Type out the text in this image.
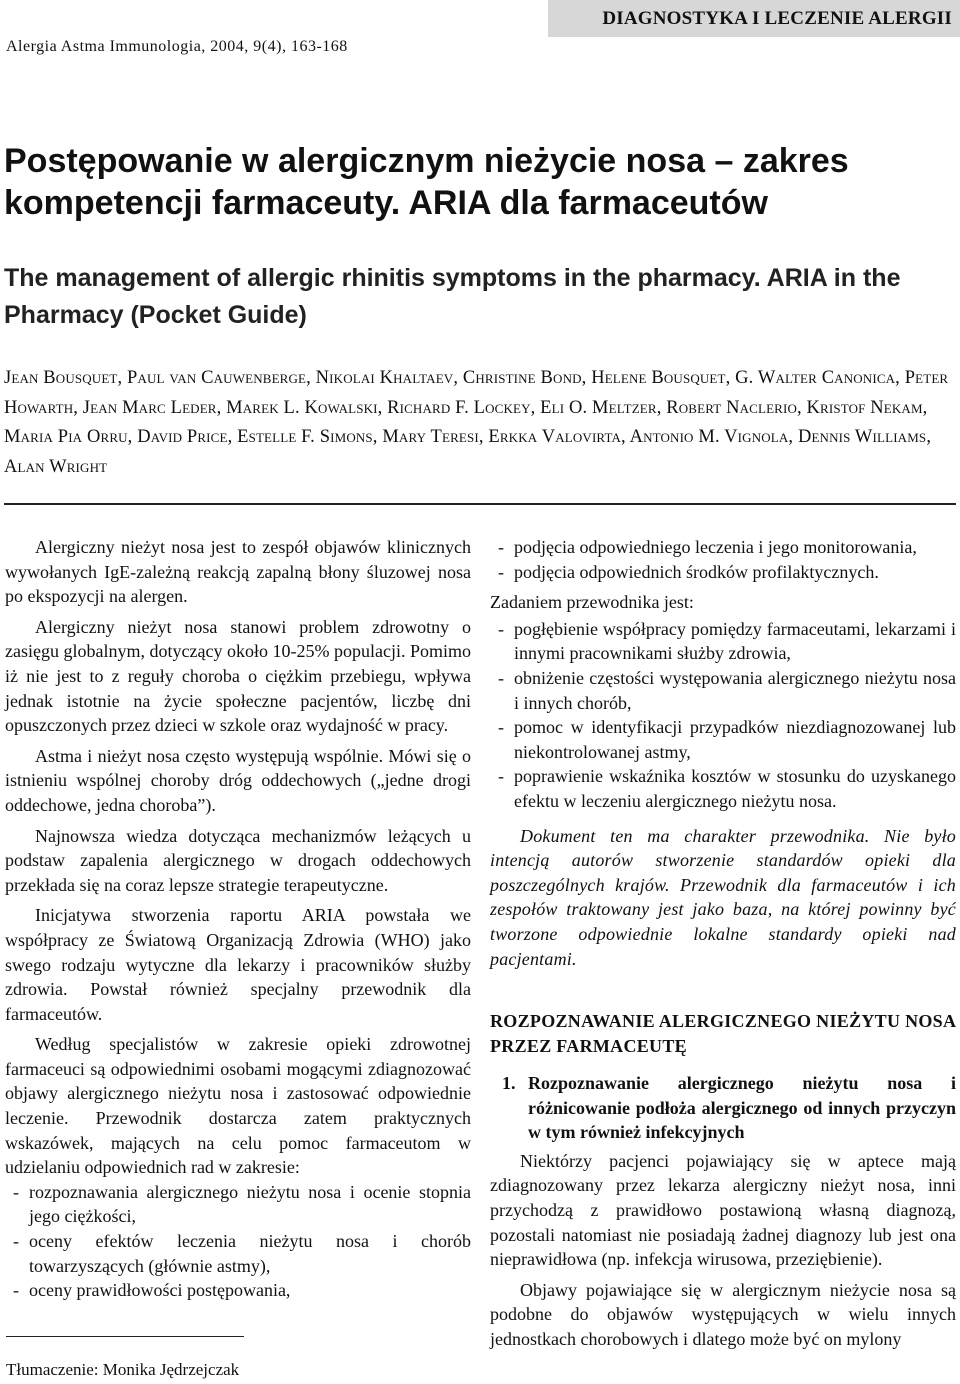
DIAGNOSTYKA I LECZENIE ALERGII
Alergia Astma Immunologia, 2004, 9(4), 163-168
Postępowanie w alergicznym nieżycie nosa – zakres kompetencji farmaceuty. ARIA dla farmaceutów
The management of allergic rhinitis symptoms in the pharmacy. ARIA in the Pharmacy (Pocket Guide)
Jean Bousquet, Paul van Cauwenberge, Nikolai Khaltaev, Christine Bond, Helene Bousquet, G. Walter Canonica, Peter Howarth, Jean Marc Leder, Marek L. Kowalski, Richard F. Lockey, Eli O. Meltzer, Robert Naclerio, Kristof Nekam, Maria Pia Orru, David Price, Estelle F. Simons, Mary Teresi, Erkka Valovirta, Antonio M. Vignola, Dennis Williams, Alan Wright

Alergiczny nieżyt nosa jest to zespół objawów klinicznych wywołanych IgE-zależną reakcją zapalną błony śluzowej nosa po ekspozycji na alergen.

Alergiczny nieżyt nosa stanowi problem zdrowotny o zasięgu globalnym, dotyczący około 10-25% populacji. Pomimo iż nie jest to z reguły choroba o ciężkim przebiegu, wpływa jednak istotnie na życie społeczne pacjentów, liczbę dni opuszczonych przez dzieci w szkole oraz wydajność w pracy.

Astma i nieżyt nosa często występują wspólnie. Mówi się o istnieniu wspólnej choroby dróg oddechowych („jedne drogi oddechowe, jedna choroba”).

Najnowsza wiedza dotycząca mechanizmów leżących u podstaw zapalenia alergicznego w drogach oddechowych przekłada się na coraz lepsze strategie terapeutyczne.

Inicjatywa stworzenia raportu ARIA powstała we współpracy ze Światową Organizacją Zdrowia (WHO) jako swego rodzaju wytyczne dla lekarzy i pracowników służby zdrowia. Powstał również specjalny przewodnik dla farmaceutów.

Według specjalistów w zakresie opieki zdrowotnej farmaceuci są odpowiednimi osobami mogącymi zdiagnozować objawy alergicznego nieżytu nosa i zastosować odpowiednie leczenie. Przewodnik dostarcza zatem praktycznych wskazówek, mających na celu pomoc farmaceutom w udzielaniu odpowiednich rad w zakresie:

- rozpoznawania alergicznego nieżytu nosa i ocenie stopnia jego ciężkości,
- oceny efektów leczenia nieżytu nosa i chorób towarzyszących (głównie astmy),
- oceny prawidłowości postępowania,
- podjęcia odpowiedniego leczenia i jego monitorowania,
- podjęcia odpowiednich środków profilaktycznych.

Zadaniem przewodnika jest:

- pogłębienie współpracy pomiędzy farmaceutami, lekarzami i innymi pracownikami służby zdrowia,
- obniżenie częstości występowania alergicznego nieżytu nosa i innych chorób,
- pomoc w identyfikacji przypadków niezdiagnozowanej lub niekontrolowanej astmy,
- poprawienie wskaźnika kosztów w stosunku do uzyskanego efektu w leczeniu alergicznego nieżytu nosa.

Dokument ten ma charakter przewodnika. Nie było intencją autorów stworzenie standardów opieki dla poszczególnych krajów. Przewodnik dla farmaceutów i ich zespołów traktowany jest jako baza, na której powinny być tworzone odpowiednie lokalne standardy opieki nad pacjentami.

ROZPOZNAWANIE ALERGICZNEGO NIEŻYTU NOSA PRZEZ FARMACEUTĘ
1. Rozpoznawanie alergicznego nieżytu nosa i różnicowanie podłoża alergicznego od innych przyczyn w tym również infekcyjnych

Niektórzy pacjenci pojawiający się w aptece mają zdiagnozowany przez lekarza alergiczny nieżyt nosa, inni przychodzą z prawidłowo postawioną własną diagnozą, pozostali natomiast nie posiadają żadnej diagnozy lub jest ona nieprawidłowa (np. infekcja wirusowa, przeziębienie).

Objawy pojawiające się w alergicznym nieżycie nosa są podobne do objawów występujących w wielu innych jednostkach chorobowych i dlatego może być on mylony

Tłumaczenie: Monika Jędrzejczak
